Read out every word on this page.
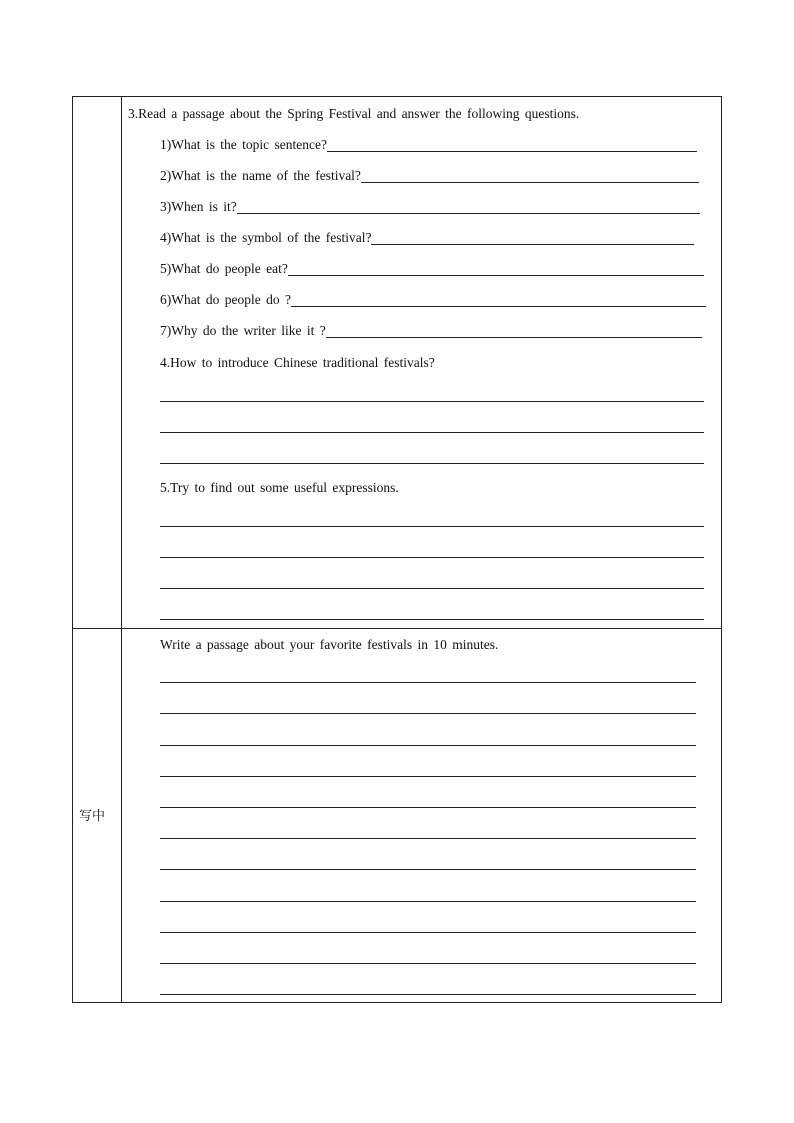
3.Read a passage about the Spring Festival and answer the following questions.
1)What is the topic sentence?
2)What is the name of the festival?
3)When is it?
4)What is the symbol of the festival?
5)What do people eat?
6)What do people do ?
7)Why do the writer like it ?
4.How to introduce Chinese traditional festivals?
5.Try to find out some useful expressions.
写中
Write a passage about your favorite festivals in 10 minutes.
